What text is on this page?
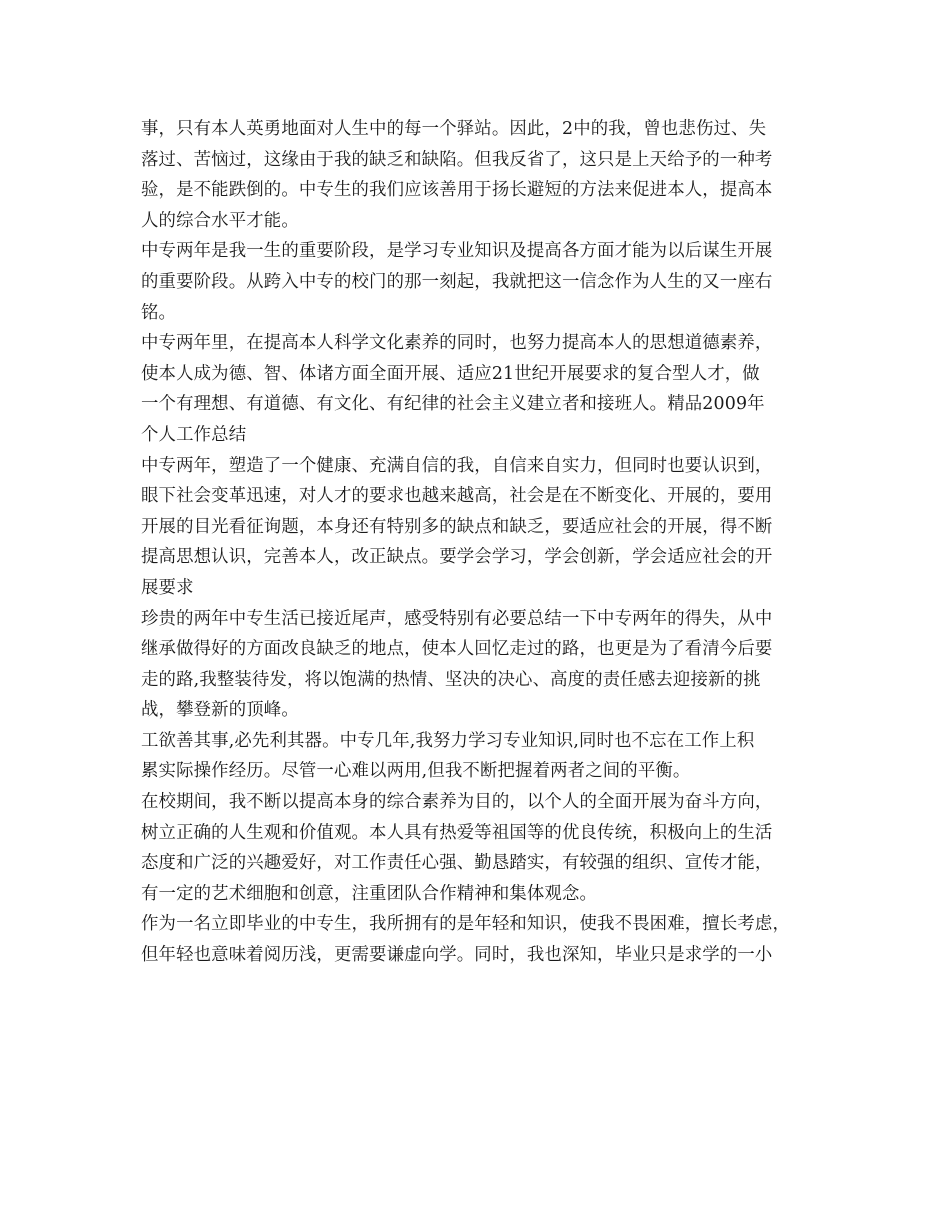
事，只有本人英勇地面对人生中的每一个驿站。因此，2中的我，曾也悲伤过、失
落过、苦恼过，这缘由于我的缺乏和缺陷。但我反省了，这只是上天给予的一种考
验，是不能跌倒的。中专生的我们应该善用于扬长避短的方法来促进本人，提高本
人的综合水平才能。
中专两年是我一生的重要阶段，是学习专业知识及提高各方面才能为以后谋生开展
的重要阶段。从跨入中专的校门的那一刻起，我就把这一信念作为人生的又一座右
铭。
中专两年里，在提高本人科学文化素养的同时，也努力提高本人的思想道德素养，
使本人成为德、智、体诸方面全面开展、适应21世纪开展要求的复合型人才，做
一个有理想、有道德、有文化、有纪律的社会主义建立者和接班人。精品2009年
个人工作总结
中专两年，塑造了一个健康、充满自信的我，自信来自实力，但同时也要认识到，
眼下社会变革迅速，对人才的要求也越来越高，社会是在不断变化、开展的，要用
开展的目光看征询题，本身还有特别多的缺点和缺乏，要适应社会的开展，得不断
提高思想认识，完善本人，改正缺点。要学会学习，学会创新，学会适应社会的开
展要求
珍贵的两年中专生活已接近尾声，感受特别有必要总结一下中专两年的得失，从中
继承做得好的方面改良缺乏的地点，使本人回忆走过的路，也更是为了看清今后要
走的路,我整装待发，将以饱满的热情、坚决的决心、高度的责任感去迎接新的挑
战，攀登新的顶峰。
工欲善其事,必先利其器。中专几年,我努力学习专业知识,同时也不忘在工作上积
累实际操作经历。尽管一心难以两用,但我不断把握着两者之间的平衡。
在校期间，我不断以提高本身的综合素养为目的，以个人的全面开展为奋斗方向，
树立正确的人生观和价值观。本人具有热爱等祖国等的优良传统，积极向上的生活
态度和广泛的兴趣爱好，对工作责任心强、勤恳踏实，有较强的组织、宣传才能，
有一定的艺术细胞和创意，注重团队合作精神和集体观念。
作为一名立即毕业的中专生，我所拥有的是年轻和知识，使我不畏困难，擅长考虑，
但年轻也意味着阅历浅，更需要谦虚向学。同时，我也深知，毕业只是求学的一小
